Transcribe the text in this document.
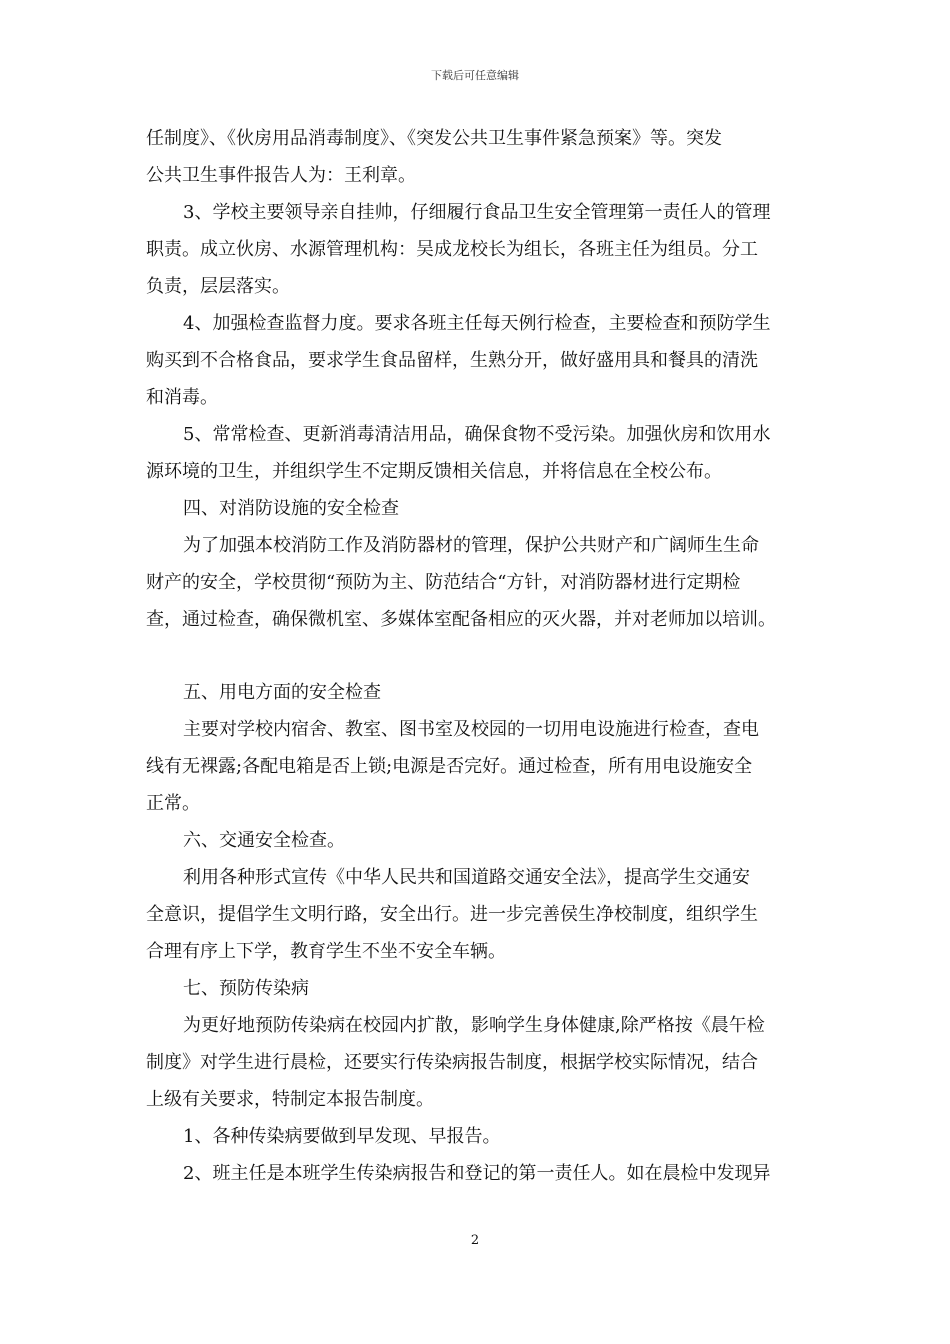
下载后可任意编辑
任制度》、《伙房用品消毒制度》、《突发公共卫生事件紧急预案》等。突发
公共卫生事件报告人为：王利章。
3、学校主要领导亲自挂帅，仔细履行食品卫生安全管理第一责任人的管理
职责。成立伙房、水源管理机构：吴成龙校长为组长，各班主任为组员。分工
负责，层层落实。
4、加强检查监督力度。要求各班主任每天例行检查，主要检查和预防学生
购买到不合格食品，要求学生食品留样，生熟分开，做好盛用具和餐具的清洗
和消毒。
5、常常检查、更新消毒清洁用品，确保食物不受污染。加强伙房和饮用水
源环境的卫生，并组织学生不定期反馈相关信息，并将信息在全校公布。
四、对消防设施的安全检查
为了加强本校消防工作及消防器材的管理，保护公共财产和广阔师生生命
财产的安全，学校贯彻“预防为主、防范结合“方针，对消防器材进行定期检
查，通过检查，确保微机室、多媒体室配备相应的灭火器，并对老师加以培训。
五、用电方面的安全检查
主要对学校内宿舍、教室、图书室及校园的一切用电设施进行检查，查电
线有无裸露;各配电箱是否上锁;电源是否完好。通过检查，所有用电设施安全
正常。
六、交通安全检查。
利用各种形式宣传《中华人民共和国道路交通安全法》，提高学生交通安
全意识，提倡学生文明行路，安全出行。进一步完善侯生净校制度，组织学生
合理有序上下学，教育学生不坐不安全车辆。
七、预防传染病
为更好地预防传染病在校园内扩散，影响学生身体健康,除严格按《晨午检
制度》对学生进行晨检，还要实行传染病报告制度，根据学校实际情况，结合
上级有关要求，特制定本报告制度。
1、各种传染病要做到早发现、早报告。
2、班主任是本班学生传染病报告和登记的第一责任人。如在晨检中发现异
2
